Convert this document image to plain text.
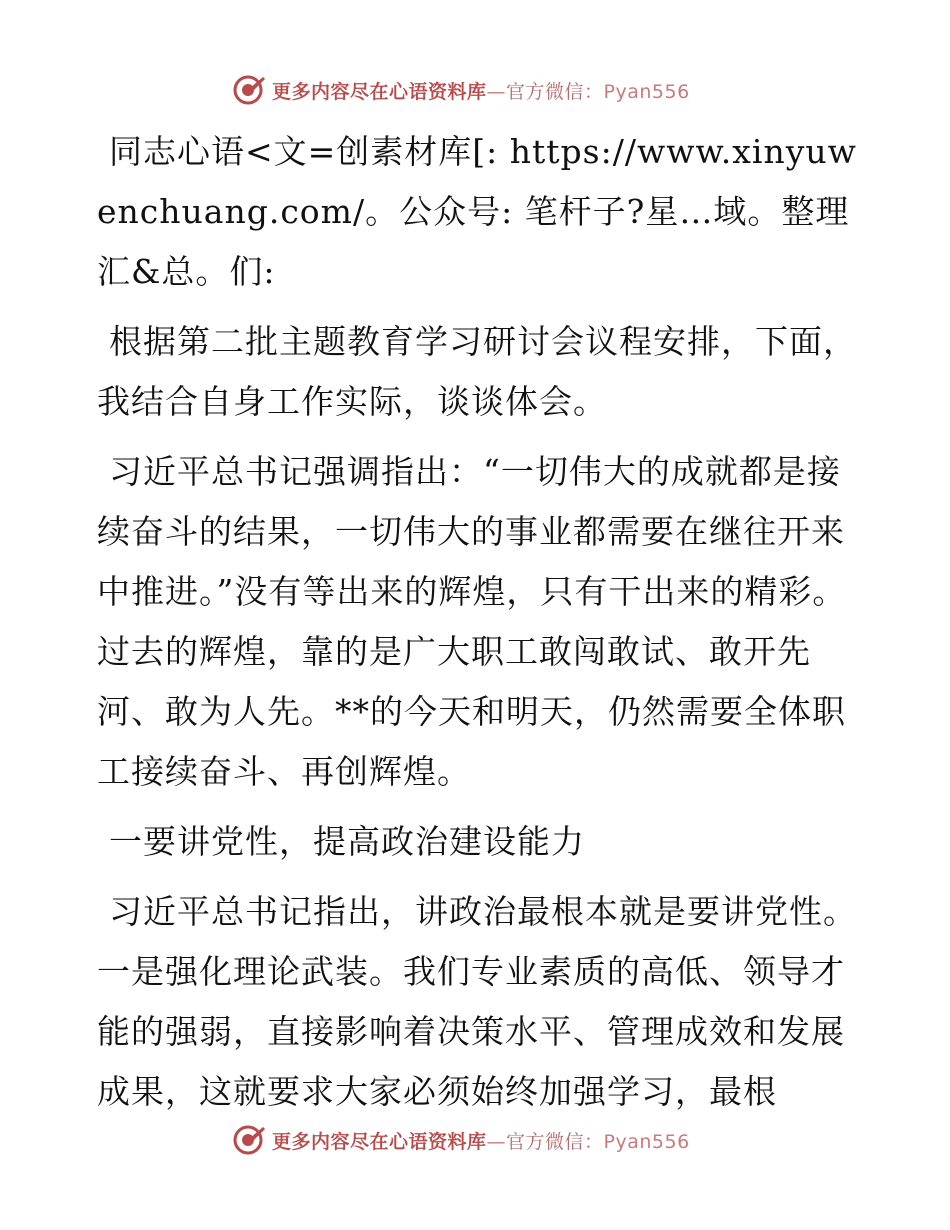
更多内容尽在心语资料库—官方微信：Pyan556

同志心语<文=创素材库[: https://www.xinyuwenchuang.com/。公众号: 笔杆子?星…域。整理汇&总。们:

根据第二批主题教育学习研讨会议程安排，下面，我结合自身工作实际，谈谈体会。

习近平总书记强调指出：“一切伟大的成就都是接续奋斗的结果，一切伟大的事业都需要在继往开来中推进。”没有等出来的辉煌，只有干出来的精彩。过去的辉煌，靠的是广大职工敢闯敢试、敢开先河、敢为人先。**的今天和明天，仍然需要全体职工接续奋斗、再创辉煌。

一要讲党性，提高政治建设能力

习近平总书记指出，讲政治最根本就是要讲党性。一是强化理论武装。我们专业素质的高低、领导才能的强弱，直接影响着决策水平、管理成效和发展成果，这就要求大家必须始终加强学习，最根

更多内容尽在心语资料库—官方微信：Pyan556
